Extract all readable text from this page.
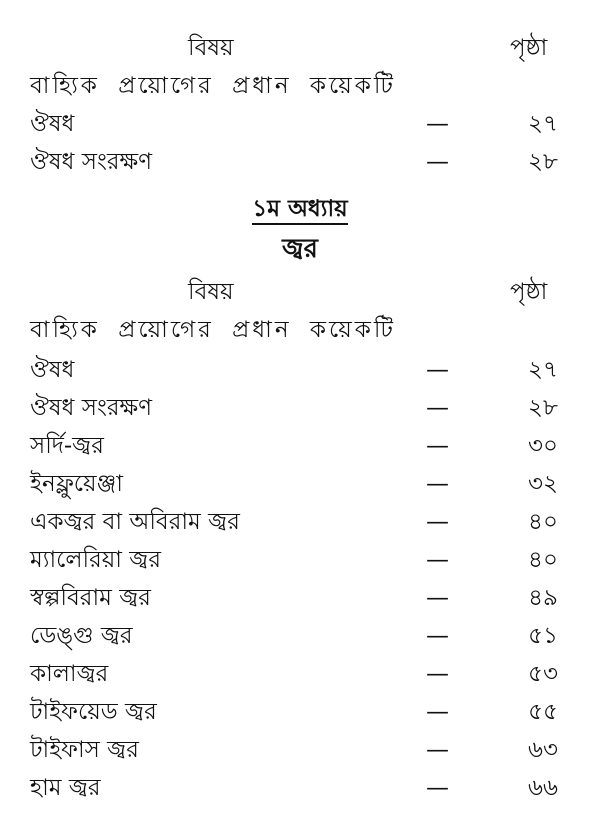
বিষয়	পৃষ্ঠা
বাহ্যিক প্রয়োগের প্রধান কয়েকটি
ঔষধ	—	২৭
ঔষধ সংরক্ষণ	—	২৮
১ম অধ্যায়
জ্বর
বিষয়	পৃষ্ঠা
বাহ্যিক প্রয়োগের প্রধান কয়েকটি
ঔষধ	—	২৭
ঔষধ সংরক্ষণ	—	২৮
সর্দি-জ্বর	—	৩০
ইনফ্লুয়েঞ্জা	—	৩২
একজ্বর বা অবিরাম জ্বর	—	৪০
ম্যালেরিয়া জ্বর	—	৪০
স্বল্পবিরাম জ্বর	—	৪৯
ডেঙ্গু জ্বর	—	৫১
কালাজ্বর	—	৫৩
টাইফয়েড জ্বর	—	৫৫
টাইফাস জ্বর	—	৬৩
হাম জ্বর	—	৬৬
